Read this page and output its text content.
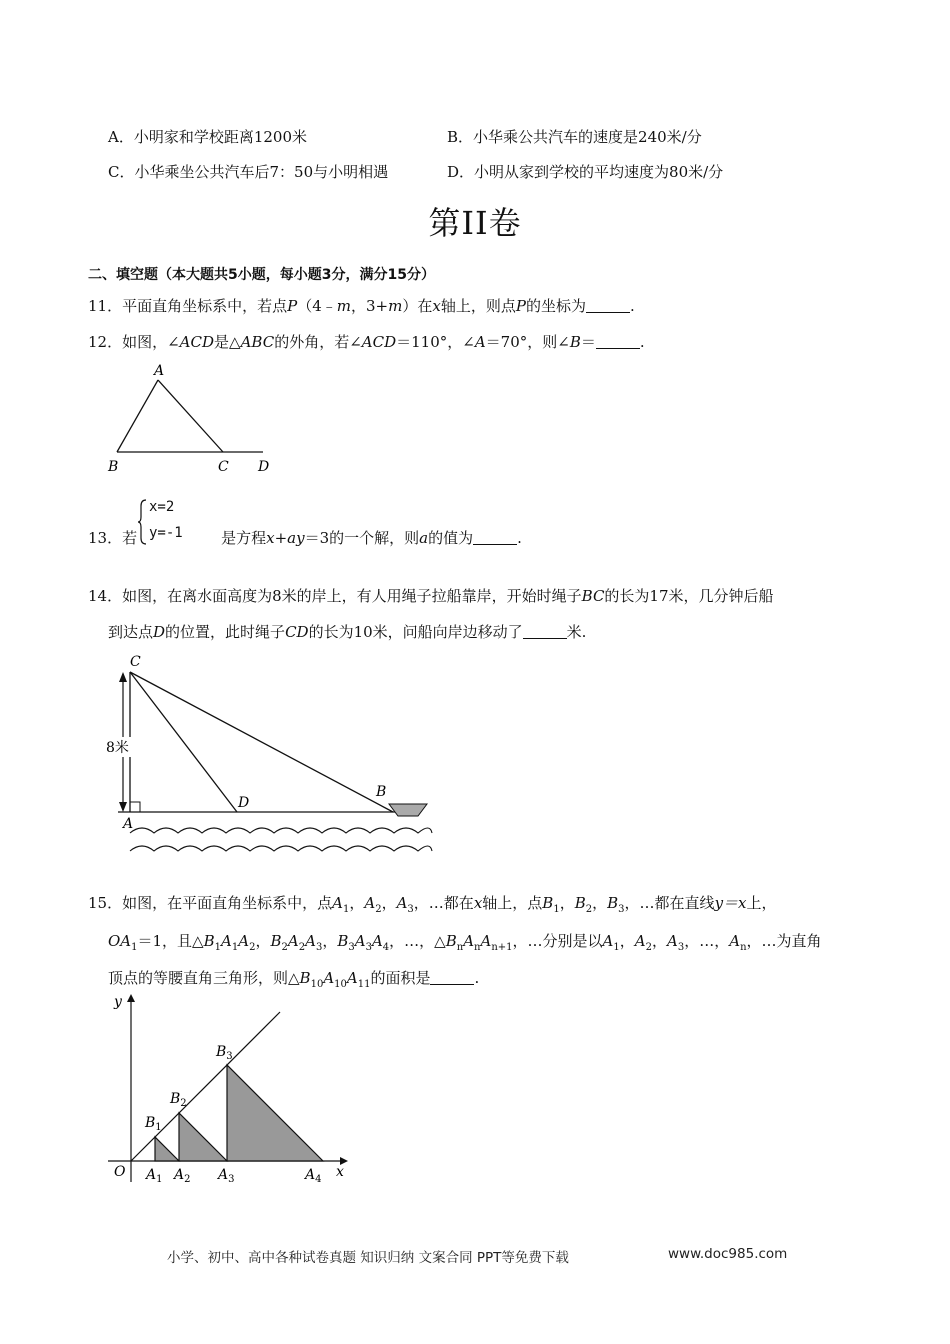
A．小明家和学校距离1200米	B．小华乘公共汽车的速度是240米/分
C．小华乘坐公共汽车后7：50与小明相遇	D．小明从家到学校的平均速度为80米/分
第II卷
二、填空题（本大题共5小题，每小题3分，满分15分）
11．平面直角坐标系中，若点P（4﹣m，3+m）在x轴上，则点P的坐标为	.
12．如图，∠ACD是△ABC的外角，若∠ACD＝110°，∠A＝70°，则∠B＝	.
A
B	C D
x=2
y=-1
13．若	是方程x+ay＝3的一个解，则a的值为	.
14．如图，在离水面高度为8米的岸上，有人用绳子拉船靠岸，开始时绳子BC的长为17米，几分钟后船
到达点D的位置，此时绳子CD的长为10米，问船向岸边移动了	米.
8米
C
A
D
B
15．如图，在平面直角坐标系中，点$A_1$，$A_2$，$A_3$，…都在x轴上，点$B_1$，$B_2$，$B_3$，…都在直线y＝x上，
$OA_1=1$，且$\triangle B_1A_1A_2$，$B_2A_2A_3$，$B_3A_3A_4$，…，$\triangle B_nA_nA_{n+1}$，…分别是以$A_1$，$A_2$，$A_3$，…，$A_n$，…为直角
顶点的等腰直角三角形，则$\triangle B_{10}A_{10}A_{11}$的面积是	.
y
x
O $A_1$ $A_2$ $A_3$	$A_4$
$B_1$
$B_2$
$B_3$
小学、初中、高中各种试卷真题 知识归纳 文案合同 PPT等免费下载	www.doc985.com
